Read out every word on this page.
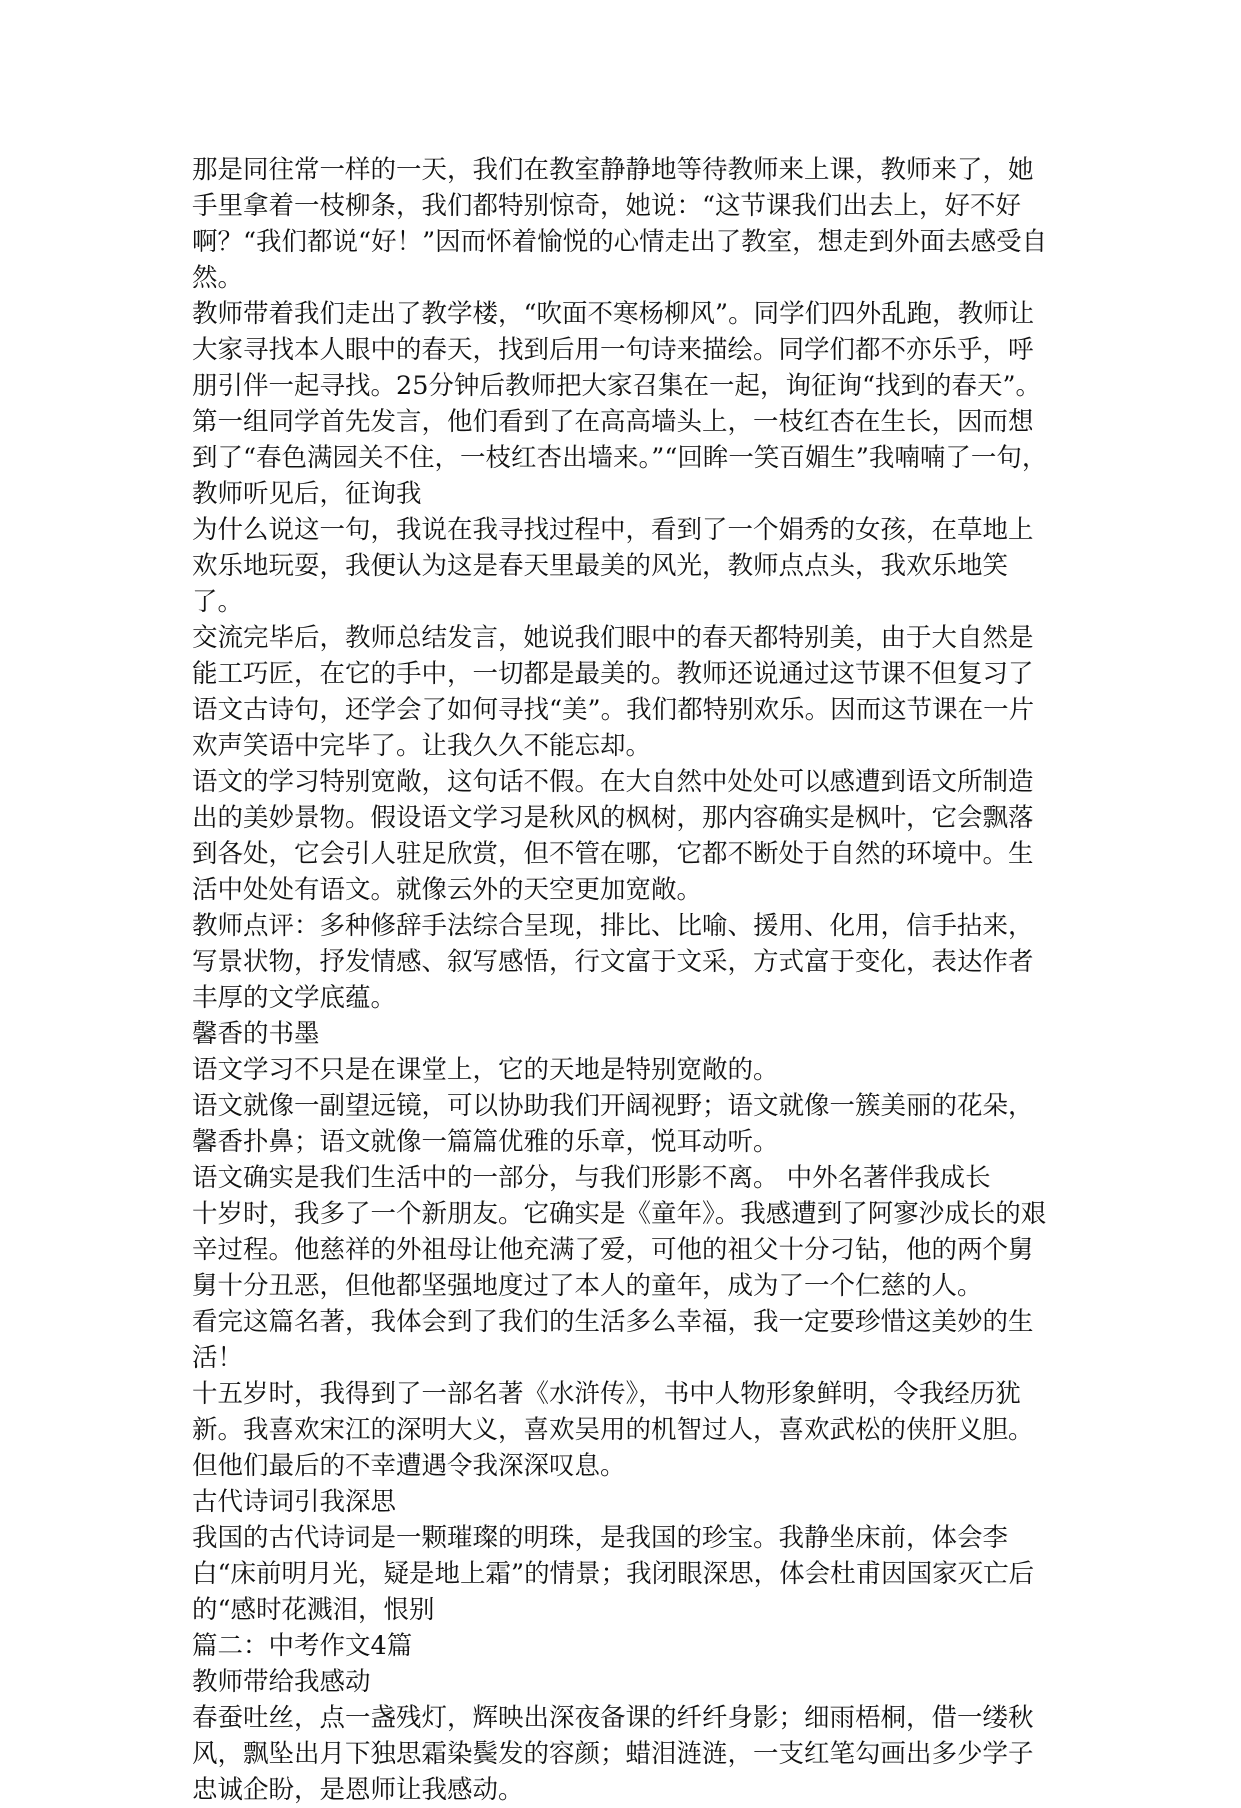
那是同往常一样的一天，我们在教室静静地等待教师来上课，教师来了，她手里拿着一枝柳条，我们都特别惊奇，她说：“这节课我们出去上，好不好啊？“我们都说“好！”因而怀着愉悦的心情走出了教室，想走到外面去感受自然。

教师带着我们走出了教学楼，“吹面不寒杨柳风”。同学们四外乱跑，教师让大家寻找本人眼中的春天，找到后用一句诗来描绘。同学们都不亦乐乎，呼朋引伴一起寻找。25分钟后教师把大家召集在一起，询征询“找到的春天”。

第一组同学首先发言，他们看到了在高高墙头上，一枝红杏在生长，因而想到了“春色满园关不住，一枝红杏出墙来。”“回眸一笑百媚生”我喃喃了一句，教师听见后，征询我

为什么说这一句，我说在我寻找过程中，看到了一个娟秀的女孩，在草地上欢乐地玩耍，我便认为这是春天里最美的风光，教师点点头，我欢乐地笑了。

交流完毕后，教师总结发言，她说我们眼中的春天都特别美，由于大自然是能工巧匠，在它的手中，一切都是最美的。教师还说通过这节课不但复习了语文古诗句，还学会了如何寻找“美”。我们都特别欢乐。因而这节课在一片欢声笑语中完毕了。让我久久不能忘却。

语文的学习特别宽敞，这句话不假。在大自然中处处可以感遭到语文所制造出的美妙景物。假设语文学习是秋风的枫树，那内容确实是枫叶，它会飘落到各处，它会引人驻足欣赏，但不管在哪，它都不断处于自然的环境中。生活中处处有语文。就像云外的天空更加宽敞。

教师点评：多种修辞手法综合呈现，排比、比喻、援用、化用，信手拈来，写景状物，抒发情感、叙写感悟，行文富于文采，方式富于变化，表达作者丰厚的文学底蕴。

馨香的书墨

语文学习不只是在课堂上，它的天地是特别宽敞的。

语文就像一副望远镜，可以协助我们开阔视野；语文就像一簇美丽的花朵，馨香扑鼻；语文就像一篇篇优雅的乐章，悦耳动听。

语文确实是我们生活中的一部分，与我们形影不离。 中外名著伴我成长

十岁时，我多了一个新朋友。它确实是《童年》。我感遭到了阿寥沙成长的艰辛过程。他慈祥的外祖母让他充满了爱，可他的祖父十分刁钻，他的两个舅舅十分丑恶，但他都坚强地度过了本人的童年，成为了一个仁慈的人。

看完这篇名著，我体会到了我们的生活多么幸福，我一定要珍惜这美妙的生活！

十五岁时，我得到了一部名著《水浒传》，书中人物形象鲜明，令我经历犹新。我喜欢宋江的深明大义，喜欢吴用的机智过人，喜欢武松的侠肝义胆。但他们最后的不幸遭遇令我深深叹息。

古代诗词引我深思

我国的古代诗词是一颗璀璨的明珠，是我国的珍宝。我静坐床前，体会李白“床前明月光，疑是地上霜”的情景；我闭眼深思，体会杜甫因国家灭亡后的“感时花溅泪，恨别

篇二：中考作文4篇

教师带给我感动

春蚕吐丝，点一盏残灯，辉映出深夜备课的纤纤身影；细雨梧桐，借一缕秋风，飘坠出月下独思霜染鬓发的容颜；蜡泪涟涟，一支红笔勾画出多少学子忠诚企盼，是恩师让我感动。
